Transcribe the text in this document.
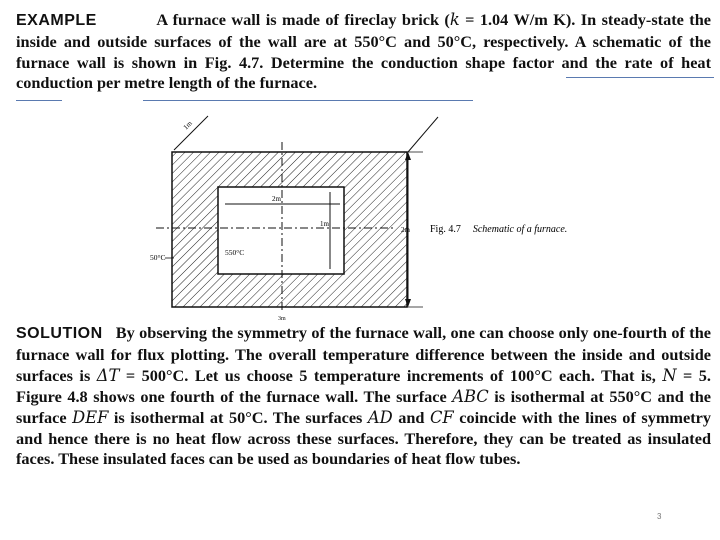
EXAMPLE	A furnace wall is made of fireclay brick (k = 1.04 W/m K). In steady-state the inside and outside surfaces of the wall are at 550°C and 50°C, respectively. A schematic of the furnace wall is shown in Fig. 4.7. Determine the conduction shape factor and the rate of heat conduction per metre length of the furnace.

1m
2m
1m
2m
50°C
550°C
3m
Fig. 4.7 Schematic of a furnace.

SOLUTION By observing the symmetry of the furnace wall, one can choose only one-fourth of the furnace wall for flux plotting. The overall temperature difference between the inside and outside surfaces is ΔT = 500°C. Let us choose 5 temperature increments of 100°C each. That is, N = 5. Figure 4.8 shows one fourth of the furnace wall. The surface ABC is isothermal at 550°C and the surface DEF is isothermal at 50°C. The surfaces AD and CF coincide with the lines of symmetry and hence there is no heat flow across these surfaces. Therefore, they can be treated as insulated faces. These insulated faces can be used as boundaries of heat flow tubes.

3
